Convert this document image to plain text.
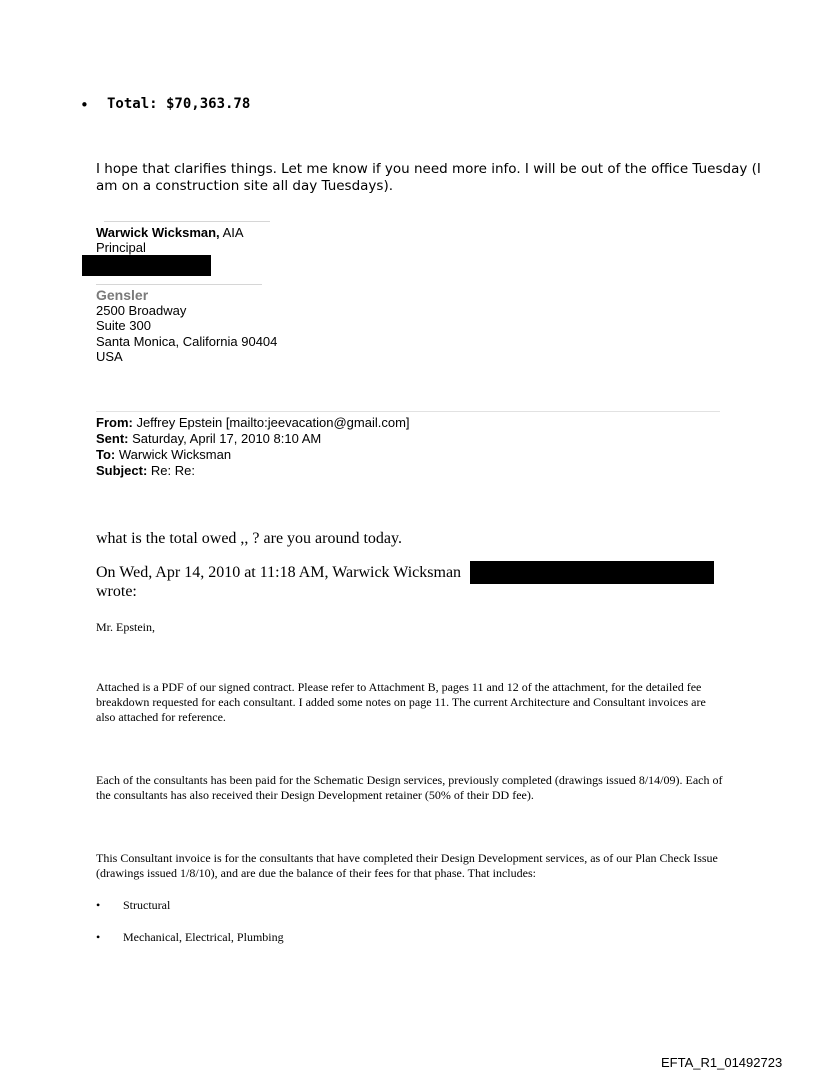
• Total: $70,363.78
I hope that clarifies things. Let me know if you need more info. I will be out of the office Tuesday (I am on a construction site all day Tuesdays).
Warwick Wicksman, AIA
Principal
Gensler
2500 Broadway
Suite 300
Santa Monica, California 90404
USA
From: Jeffrey Epstein [mailto:jeevacation@gmail.com]
Sent: Saturday, April 17, 2010 8:10 AM
To: Warwick Wicksman
Subject: Re: Re:
what is the total owed ,, ? are you around today.
On Wed, Apr 14, 2010 at 11:18 AM, Warwick Wicksman
wrote:
Mr. Epstein,
Attached is a PDF of our signed contract. Please refer to Attachment B, pages 11 and 12 of the attachment, for the detailed fee breakdown requested for each consultant. I added some notes on page 11. The current Architecture and Consultant invoices are also attached for reference.
Each of the consultants has been paid for the Schematic Design services, previously completed (drawings issued 8/14/09). Each of the consultants has also received their Design Development retainer (50% of their DD fee).
This Consultant invoice is for the consultants that have completed their Design Development services, as of our Plan Check Issue (drawings issued 1/8/10), and are due the balance of their fees for that phase. That includes:
• Structural
• Mechanical, Electrical, Plumbing
EFTA_R1_01492723
